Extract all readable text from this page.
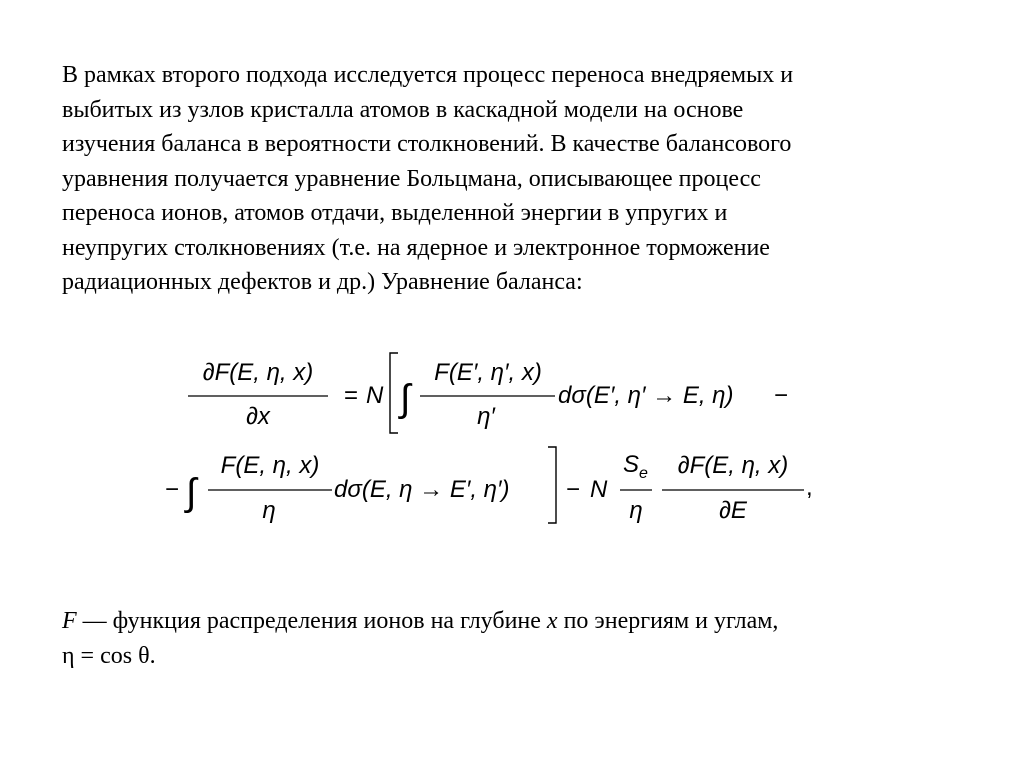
В рамках второго подхода исследуется процесс переноса внедряемых и
выбитых из узлов кристалла атомов в каскадной модели на основе
изучения баланса в вероятности столкновений. В качестве балансового
уравнения получается уравнение Больцмана, описывающее процесс
переноса ионов, атомов отдачи, выделенной энергии в упругих и
неупругих столкновениях (т.е. на ядерное и электронное торможение
радиационных дефектов и др.) Уравнение баланса:
∂F(E, η, x)
∂x
= N ∫
F(E′, η′, x)
η′
dσ(E′, η′ → E, η) −
− ∫
F(E, η, x)
η
dσ(E, η → E′, η′) − N
$S_e$
η
∂F(E, η, x)
∂E
,
F — функция распределения ионов на глубине x по энергиям и углам,
η = cos θ.
